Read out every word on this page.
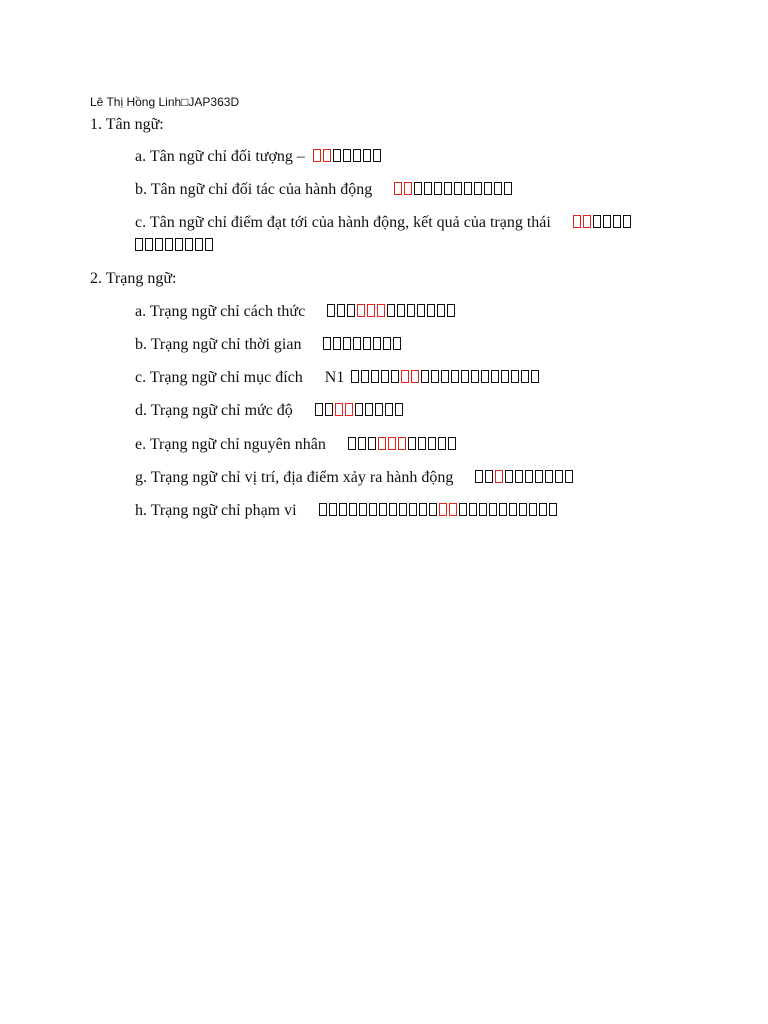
Lê Thị Hồng Linh□JAP363D
1. Tân ngữ:
a. Tân ngữ chỉ đối tượng –
b. Tân ngữ chỉ đối tác của hành động
c. Tân ngữ chỉ điểm đạt tới của hành động, kết quả của trạng thái
2. Trạng ngữ:
a. Trạng ngữ chỉ cách thức
b. Trạng ngữ chỉ thời gian
c. Trạng ngữ chỉ mục đích N1
d. Trạng ngữ chỉ mức độ
e. Trạng ngữ chỉ nguyên nhân
g. Trạng ngữ chỉ vị trí, địa điểm xảy ra hành động
h. Trạng ngữ chỉ phạm vi
